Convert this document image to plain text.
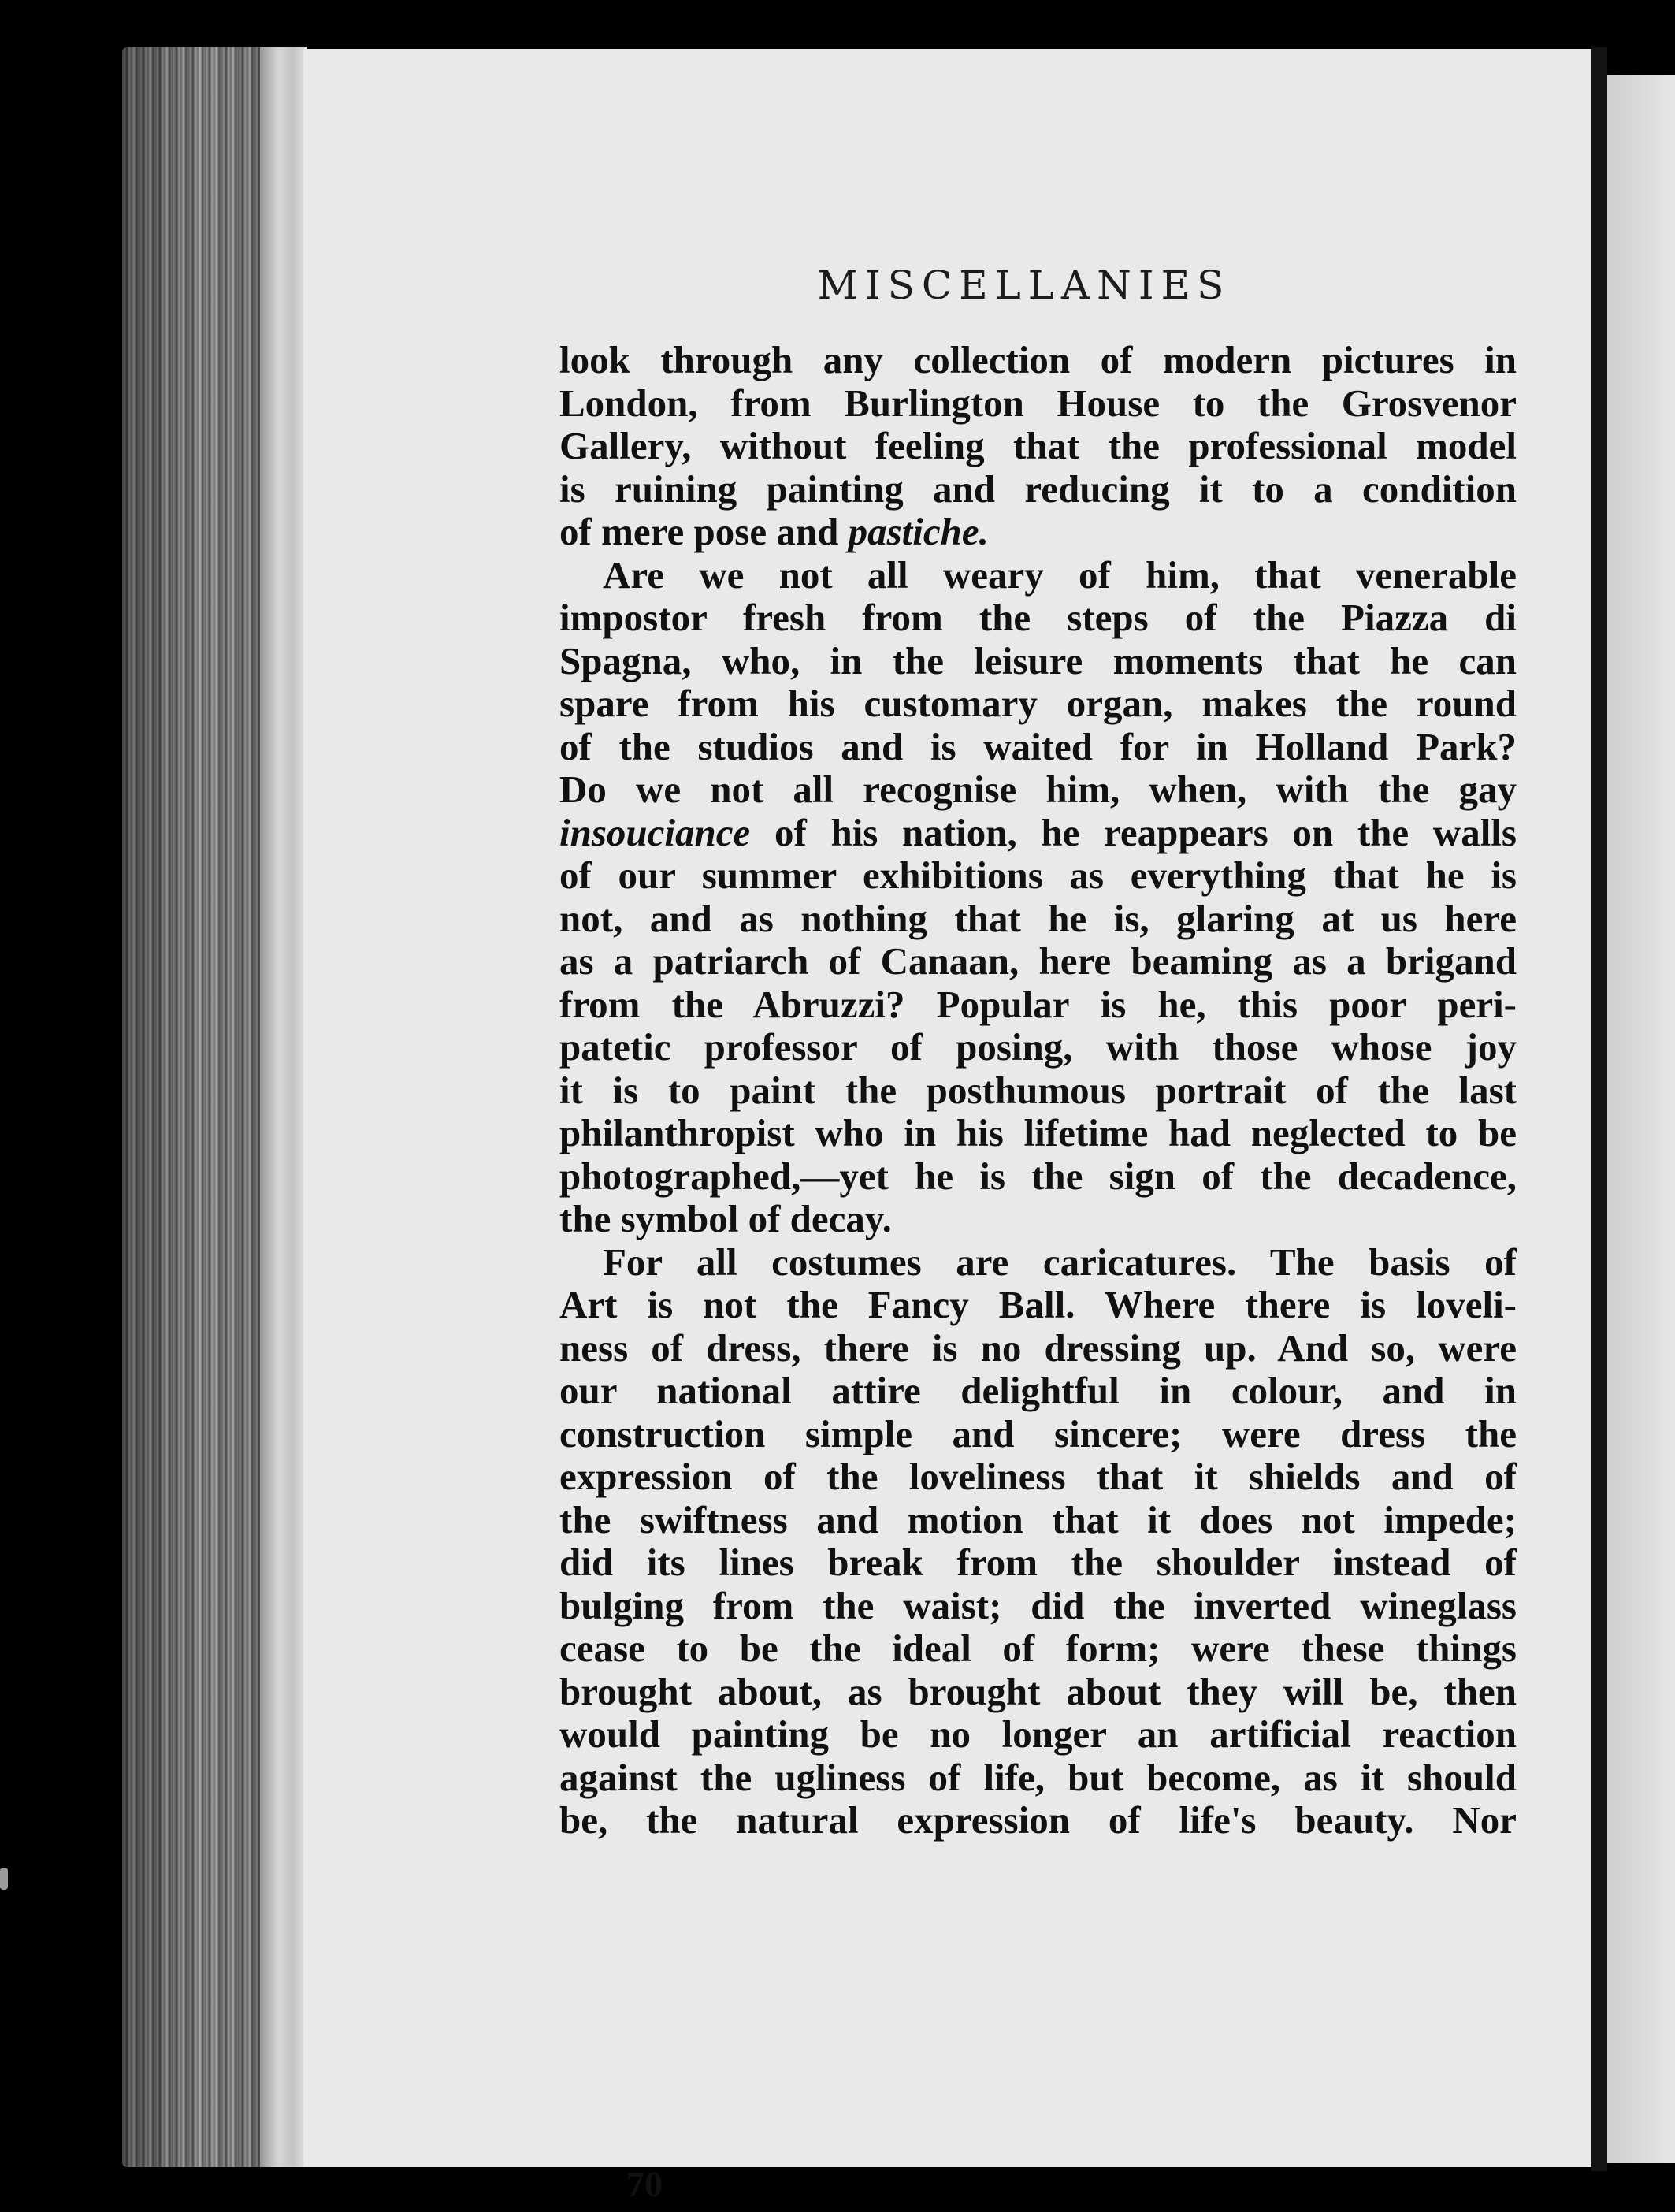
MISCELLANIES

look through any collection of modern pictures in
London, from Burlington House to the Grosvenor
Gallery, without feeling that the professional model
is ruining painting and reducing it to a condition
of mere pose and pastiche.

Are we not all weary of him, that venerable
impostor fresh from the steps of the Piazza di
Spagna, who, in the leisure moments that he can
spare from his customary organ, makes the round
of the studios and is waited for in Holland Park?
Do we not all recognise him, when, with the gay
insouciance of his nation, he reappears on the walls
of our summer exhibitions as everything that he is
not, and as nothing that he is, glaring at us here
as a patriarch of Canaan, here beaming as a brigand
from the Abruzzi? Popular is he, this poor peri-
patetic professor of posing, with those whose joy
it is to paint the posthumous portrait of the last
philanthropist who in his lifetime had neglected to be
photographed,—yet he is the sign of the decadence,
the symbol of decay.

For all costumes are caricatures. The basis of
Art is not the Fancy Ball. Where there is loveli-
ness of dress, there is no dressing up. And so, were
our national attire delightful in colour, and in
construction simple and sincere; were dress the
expression of the loveliness that it shields and of
the swiftness and motion that it does not impede;
did its lines break from the shoulder instead of
bulging from the waist; did the inverted wineglass
cease to be the ideal of form; were these things
brought about, as brought about they will be, then
would painting be no longer an artificial reaction
against the ugliness of life, but become, as it should
be, the natural expression of life's beauty. Nor

70
